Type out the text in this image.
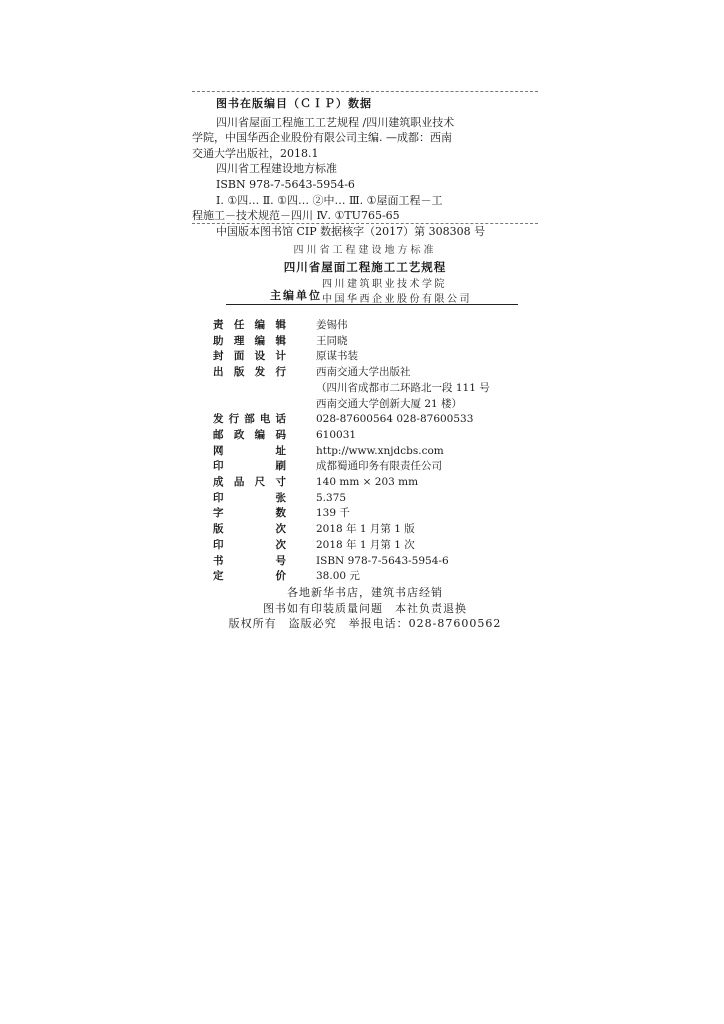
图书在版编目（ＣＩＰ）数据
四川省屋面工程施工工艺规程 /四川建筑职业技术
学院，中国华西企业股份有限公司主编. —成都：西南
交通大学出版社，2018.1
四川省工程建设地方标准
ISBN 978-7-5643-5954-6
Ⅰ. ①四… Ⅱ. ①四… ②中… Ⅲ. ①屋面工程－工
程施工－技术规范－四川 Ⅳ. ①TU765-65
中国版本图书馆 CIP 数据核字（2017）第 308308 号
四川省工程建设地方标准
四川省屋面工程施工工艺规程
主编单位
四川建筑职业技术学院
中国华西企业股份有限公司
责 任 编 辑	姜锡伟
助 理 编 辑	王同晓
封 面 设 计	原谋书装
出 版 发 行	西南交通大学出版社
（四川省成都市二环路北一段 111 号
西南交通大学创新大厦 21 楼）
发 行 部 电 话	028-87600564 028-87600533
邮 政 编 码	610031
网	址	http://www.xnjdcbs.com
印	刷	成都蜀通印务有限责任公司
成 品 尺 寸	140 mm × 203 mm
印	张	5.375
字	数	139 千
版	次	2018 年 1 月第 1 版
印	次	2018 年 1 月第 1 次
书	号	ISBN 978-7-5643-5954-6
定	价	38.00 元
各地新华书店，建筑书店经销
图书如有印装质量问题　本社负责退换
版权所有　盗版必究　举报电话：028-87600562
